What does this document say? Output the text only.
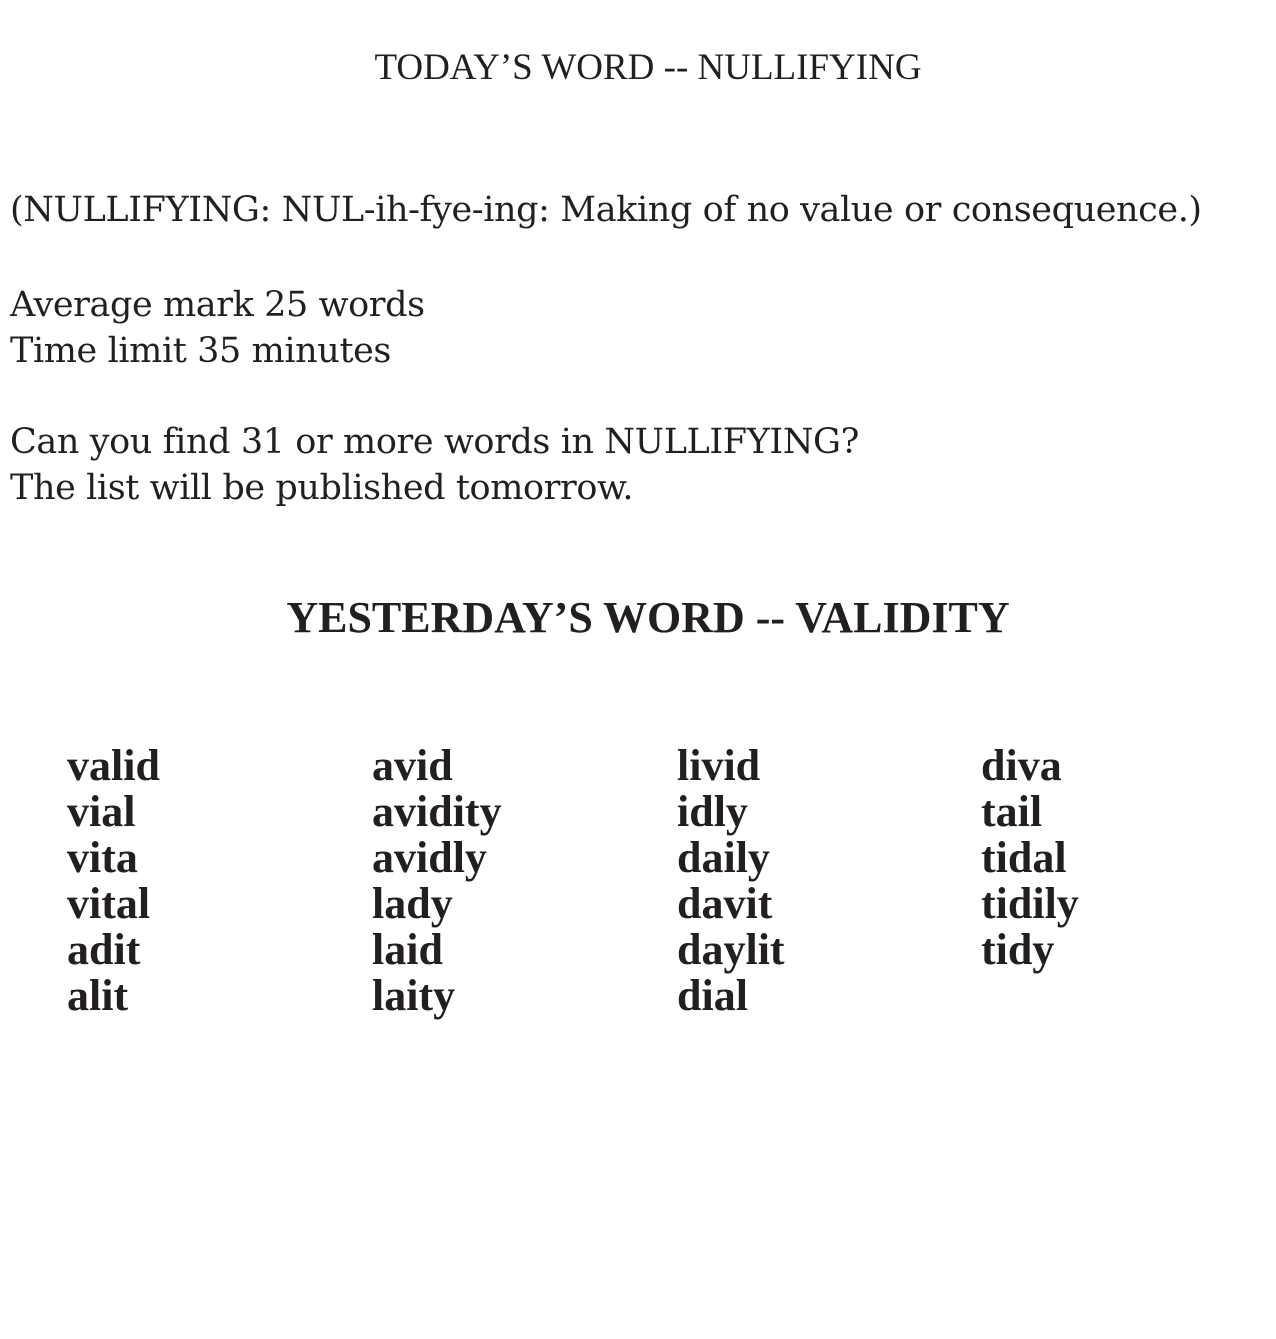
TODAY’S WORD -- NULLIFYING

(NULLIFYING: NUL-ih-fye-ing: Making of no value or consequence.)

Average mark 25 words
Time limit 35 minutes

Can you find 31 or more words in NULLIFYING?
The list will be published tomorrow.

YESTERDAY’S WORD -- VALIDITY
valid
vial
vita
vital
adit
alit
avid
avidity
avidly
lady
laid
laity
livid
idly
daily
davit
daylit
dial
diva
tail
tidal
tidily
tidy
